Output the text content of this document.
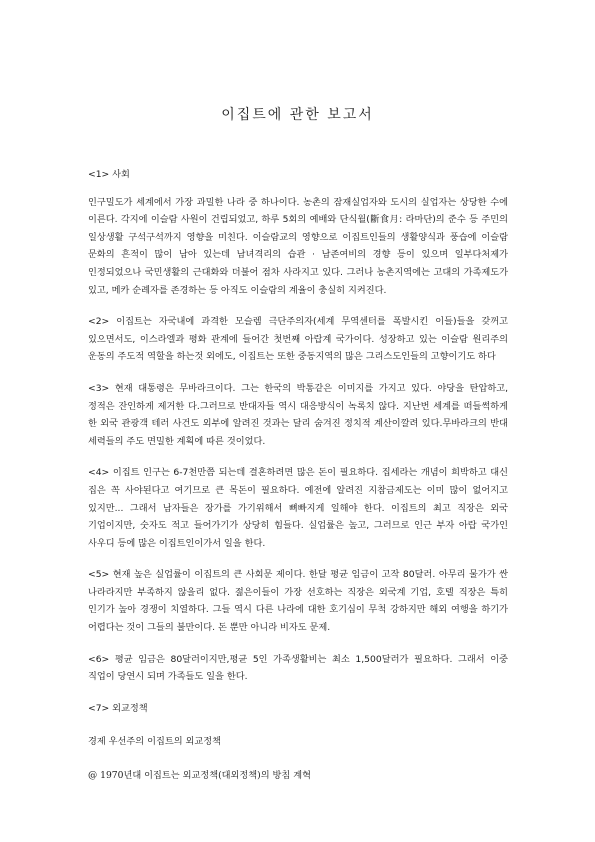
이집트에 관한 보고서

<1> 사회

인구밀도가 세계에서 가장 과밀한 나라 중 하나이다. 농촌의 잠재실업자와 도시의 실업자는 상당한 수에 이른다. 각지에 이슬람 사원이 건립되었고, 하루 5회의 예배와 단식월(斷食月: 라마단)의 준수 등 주민의 일상생활 구석구석까지 영향을 미친다. 이슬람교의 영향으로 이집트인들의 생활양식과 풍습에 이슬람 문화의 흔적이 많이 남아 있는데 남녀격리의 습관 · 남존여비의 경향 등이 있으며 일부다처제가 인정되었으나 국민생활의 근대화와 더불어 점차 사라지고 있다. 그러나 농촌지역에는 고대의 가족제도가 있고, 메카 순례자를 존경하는 등 아직도 이슬람의 계율이 충실히 지켜진다.

<2> 이집트는 자국내에 과격한 모슬렘 극단주의자(세계 무역센터를 폭발시킨 이들)들을 갖꺼고 있으면서도, 이스라엘과 평화 관계에 들어간 첫번째 아랍계 국가이다. 성장하고 있는 이슬람 원리주의 운동의 주도적 역할을 하는것 외에도, 이집트는 또한 중동지역의 많은 그리스도인들의 고향이기도 하다

<3> 현재 대통령은 무바라크이다. 그는 한국의 박통같은 이미지를 가지고 있다. 야당을 탄압하고, 정적은 잔인하게 제거한 다.그러므로 반대자들 역시 대응방식이 녹록치 않다. 지난번 세계를 떠들썩하게 한 외국 관광객 테러 사건도 외부에 알려진 것과는 달리 숨겨진 정치적 계산이깔려 있다.무바라크의 반대 세력들의 주도 면밀한 계획에 따른 것이었다.

<4> 이집트 인구는 6-7천만쯤 되는데 결혼하려면 많은 돈이 필요하다. 집세라는 개념이 희박하고 대신 집은 꼭 사야된다고 여기므로 큰 목돈이 필요하다. 예전에 알려진 지참금제도는 이미 많이 없어지고 있지만... 그래서 남자들은 장가를 가기위해서 뼈빠지게 일해야 한다. 이집트의 최고 직장은 외국 기업이지만, 숫자도 적고 들어가기가 상당히 힘들다. 실업률은 높고, 그러므로 인근 부자 아랍 국가인 사우디 등에 많은 이집트인이가서 일을 한다.

<5> 현재 높은 실업률이 이집트의 큰 사회문 제이다. 한달 평균 임금이 고작 80달러. 아무리 물가가 싼 나라라지만 부족하지 않을리 없다. 젊은이들이 가장 선호하는 직장은 외국계 기업, 호텔 직장은 특히 인기가 높아 경쟁이 치열하다. 그들 역시 다른 나라에 대한 호기심이 무척 강하지만 해외 여행을 하기가 어렵다는 것이 그들의 불만이다. 돈 뿐만 아니라 비자도 문제.

<6> 평균 임금은 80달러이지만,평균 5인 가족생활비는 최소 1,500달러가 필요하다. 그래서 이중 직업이 당연시 되며 가족들도 일을 한다.

<7> 외교정책

경제 우선주의 이집트의 외교정책

@ 1970년대 이집트는 외교정책(대외정책)의 방침 계혁
